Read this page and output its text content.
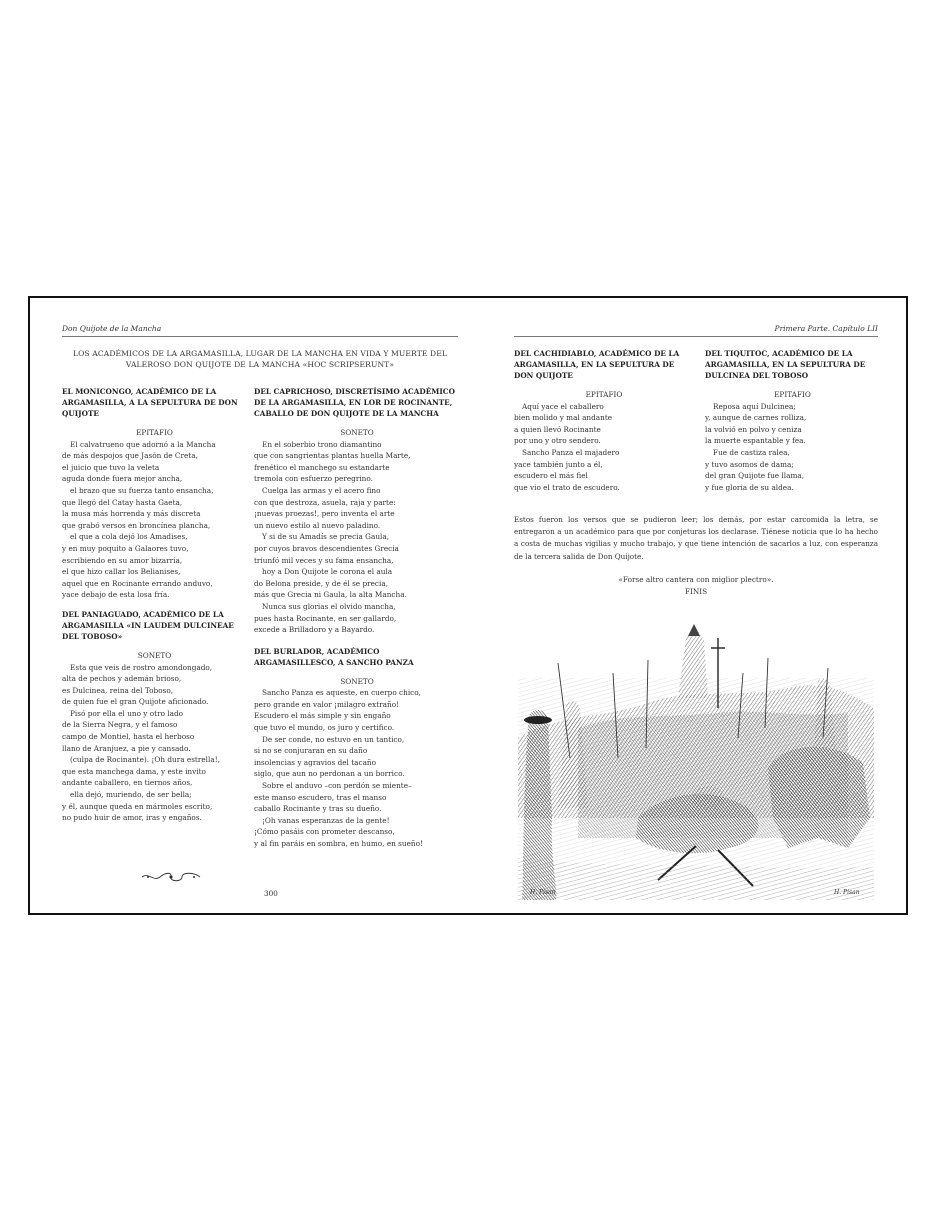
Don Quijote de la Mancha
LOS ACADÉMICOS DE LA ARGAMASILLA, LUGAR DE LA MANCHA EN VIDA Y MUERTE DEL VALEROSO DON QUIJOTE DE LA MANCHA «HOC SCRIPSERUNT»

EL MONICONGO, ACADÉMICO DE LA ARGAMASILLA, A LA SEPULTURA DE DON QUIJOTE

EPITAFIO

El calvatrueno que adornó a la Mancha

de más despojos que Jasón de Creta,

el juicio que tuvo la veleta

aguda donde fuera mejor ancha,

el brazo que su fuerza tanto ensancha,

que llegó del Catay hasta Gaeta,

la musa más horrenda y más discreta

que grabó versos en broncínea plancha,

el que a cola dejó los Amadises,

y en muy poquito a Galaores tuvo,

escribiendo en su amor bizarría,

el que hizo callar los Belianises,

aquel que en Rocinante errando anduvo,

yace debajo de esta losa fría.

DEL PANIAGUADO, ACADÉMICO DE LA ARGAMASILLA «IN LAUDEM DULCINEAE DEL TOBOSO»

SONETO

Esta que veis de rostro amondongado,

alta de pechos y ademán brioso,

es Dulcinea, reina del Toboso,

de quien fue el gran Quijote aficionado.

Pisó por ella el uno y otro lado

de la Sierra Negra, y el famoso

campo de Montiel, hasta el herboso

llano de Aranjuez, a pie y cansado.

(culpa de Rocinante). ¡Oh dura estrella!,

que esta manchega dama, y este invito

andante caballero, en tiernos años,

ella dejó, muriendo, de ser bella;

y él, aunque queda en mármoles escrito,

no pudo huir de amor, iras y engaños.

DEL CAPRICHOSO, DISCRETÍSIMO ACADÉMICO DE LA ARGAMASILLA, EN LOR DE ROCINANTE, CABALLO DE DON QUIJOTE DE LA MANCHA

SONETO

En el soberbio trono diamantino

que con sangrientas plantas huella Marte,

frenético el manchego su estandarte

tremola con esfuerzo peregrino.

Cuelga las armas y el acero fino

con que destroza, asuela, raja y parte:

¡nuevas proezas!, pero inventa el arte

un nuevo estilo al nuevo paladino.

Y si de su Amadís se precia Gaula,

por cuyos bravos descendientes Grecia

triunfó mil veces y su fama ensancha,

hoy a Don Quijote le corona el aula

do Belona preside, y de él se precia,

más que Grecia ni Gaula, la alta Mancha.

Nunca sus glorias el olvido mancha,

pues hasta Rocinante, en ser gallardo,

excede a Brilladoro y a Bayardo.

DEL BURLADOR, ACADÉMICO ARGAMASILLESCO, A SANCHO PANZA

SONETO

Sancho Panza es aqueste, en cuerpo chico,

pero grande en valor ¡milagro extraño!

Escudero el más simple y sin engaño

que tuvo el mundo, os juro y certifico.

De ser conde, no estuvo en un tantico,

si no se conjuraran en su daño

insolencias y agravios del tacaño

siglo, que aun no perdonan a un borrico.

Sobre el anduvo –con perdón se miente–

este manso escudero, tras el manso

caballo Rocinante y tras su dueño.

¡Oh vanas esperanzas de la gente!

¡Cómo pasáis con prometer descanso,

y al fin paráis en sombra, en humo, en sueño!

300
Primera Parte. Capítulo LII

DEL CACHIDIABLO, ACADÉMICO DE LA ARGAMASILLA, EN LA SEPULTURA DE DON QUIJOTE

EPITAFIO

Aquí yace el caballero

bien molido y mal andante

a quien llevó Rocinante

por uno y otro sendero.

Sancho Panza el majadero

yace también junto a él,

escudero el más fiel

que vio el trato de escudero.

DEL TIQUITOC, ACADÉMICO DE LA ARGAMASILLA, EN LA SEPULTURA DE DULCINEA DEL TOBOSO

EPITAFIO

Reposa aquí Dulcinea;

y, aunque de carnes rolliza,

la volvió en polvo y ceniza

la muerte espantable y fea.

Fue de castiza ralea,

y tuvo asomos de dama;

del gran Quijote fue llama,

y fue gloria de su aldea.

Estos fueron los versos que se pudieron leer; los demás, por estar carcomida la letra, se entregaron a un académico para que por conjeturas los declarase. Tiénese noticia que lo ha hecho a costa de muchas vigilias y mucho trabajo, y que tiene intención de sacarlos a luz, con esperanza de la tercera salida de Don Quijote.
«Forse altro cantera con miglior plectro».
FINIS
H. Pisan	H. Pisan
